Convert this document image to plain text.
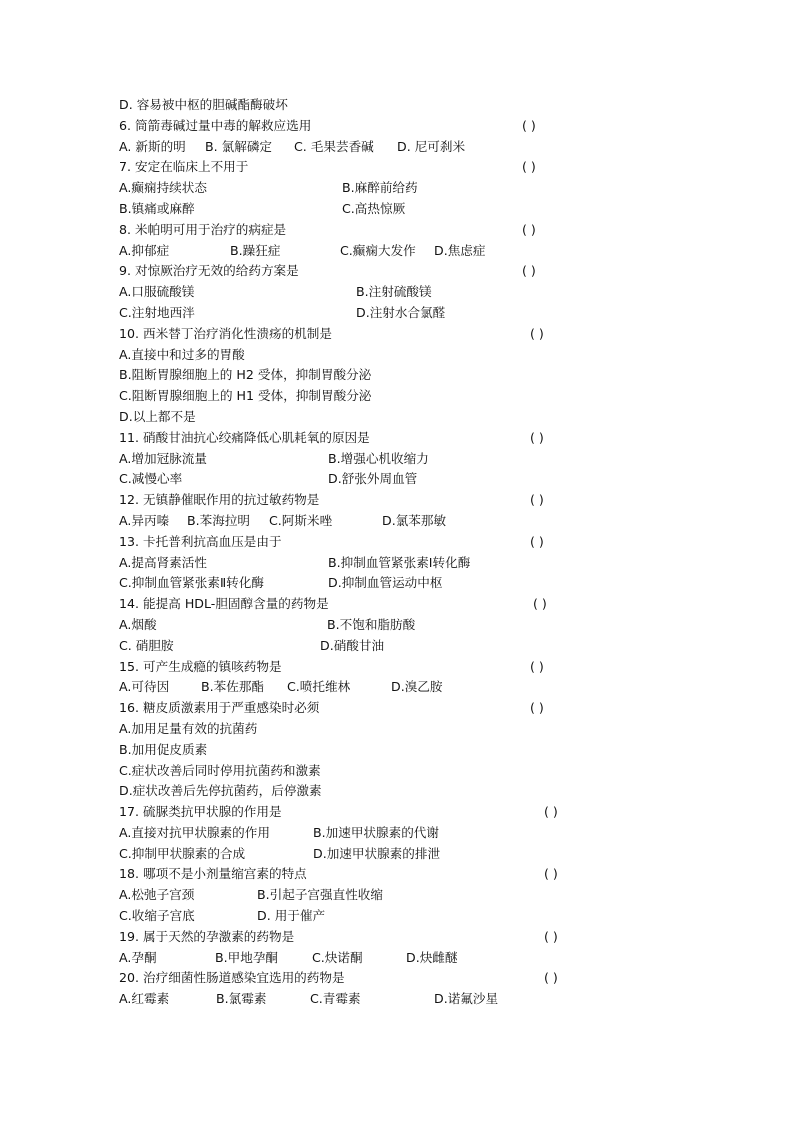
D. 容易被中枢的胆碱酯酶破坏
6. 筒箭毒碱过量中毒的解救应选用	( )
A. 新斯的明 B. 氯解磷定 C. 毛果芸香碱 D. 尼可刹米
7. 安定在临床上不用于	( )
A.癫痫持续状态	B.麻醉前给药
B.镇痛或麻醉	C.高热惊厥
8. 米帕明可用于治疗的病症是	( )
A.抑郁症	B.躁狂症	C.癫痫大发作 D.焦虑症
9. 对惊厥治疗无效的给药方案是	( )
A.口服硫酸镁	B.注射硫酸镁
C.注射地西泮	D.注射水合氯醛
10. 西米替丁治疗消化性溃疡的机制是	( )
A.直接中和过多的胃酸
B.阻断胃腺细胞上的 H2 受体，抑制胃酸分泌
C.阻断胃腺细胞上的 H1 受体，抑制胃酸分泌
D.以上都不是
11. 硝酸甘油抗心绞痛降低心肌耗氧的原因是	( )
A.增加冠脉流量	B.增强心机收缩力
C.减慢心率	D.舒张外周血管
12. 无镇静催眠作用的抗过敏药物是	( )
A.异丙嗪 B.苯海拉明 C.阿斯米唑	D.氯苯那敏
13. 卡托普利抗高血压是由于	( )
A.提高肾素活性	B.抑制血管紧张素Ⅰ转化酶
C.抑制血管紧张素Ⅱ转化酶	D.抑制血管运动中枢
14. 能提高 HDL-胆固醇含量的药物是	( )
A.烟酸	B.不饱和脂肪酸
C. 硝胆胺	D.硝酸甘油
15. 可产生成瘾的镇咳药物是	( )
A.可待因	B.苯佐那酯 C.喷托维林	D.溴乙胺
16. 糖皮质激素用于严重感染时必须	( )
A.加用足量有效的抗菌药
B.加用促皮质素
C.症状改善后同时停用抗菌药和激素
D.症状改善后先停抗菌药，后停激素
17. 硫脲类抗甲状腺的作用是	( )
A.直接对抗甲状腺素的作用	B.加速甲状腺素的代谢
C.抑制甲状腺素的合成	D.加速甲状腺素的排泄
18. 哪项不是小剂量缩宫素的特点	( )
A.松弛子宫颈	B.引起子宫强直性收缩
C.收缩子宫底	D. 用于催产
19. 属于天然的孕激素的药物是	( )
A.孕酮	B.甲地孕酮	C.炔诺酮	D.炔雌醚
20. 治疗细菌性肠道感染宜选用的药物是	( )
A.红霉素	B.氯霉素	C.青霉素	D.诺氟沙星
